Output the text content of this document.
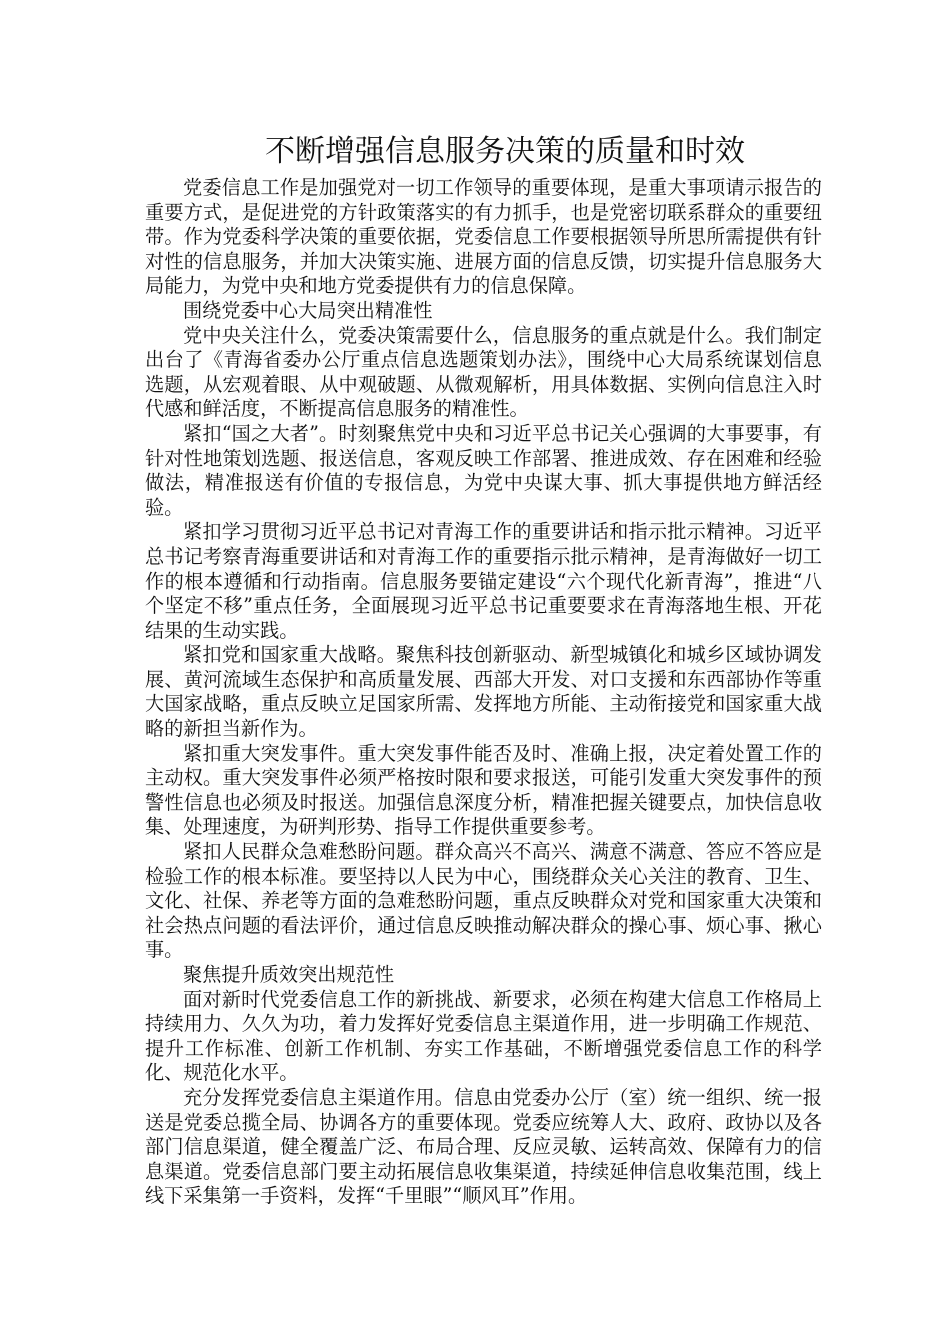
不断增强信息服务决策的质量和时效

党委信息工作是加强党对一切工作领导的重要体现，是重大事项请示报告的重要方式，是促进党的方针政策落实的有力抓手，也是党密切联系群众的重要纽带。作为党委科学决策的重要依据，党委信息工作要根据领导所思所需提供有针对性的信息服务，并加大决策实施、进展方面的信息反馈，切实提升信息服务大局能力，为党中央和地方党委提供有力的信息保障。

围绕党委中心大局突出精准性

党中央关注什么，党委决策需要什么，信息服务的重点就是什么。我们制定出台了《青海省委办公厅重点信息选题策划办法》，围绕中心大局系统谋划信息选题，从宏观着眼、从中观破题、从微观解析，用具体数据、实例向信息注入时代感和鲜活度，不断提高信息服务的精准性。

紧扣“国之大者”。时刻聚焦党中央和习近平总书记关心强调的大事要事，有针对性地策划选题、报送信息，客观反映工作部署、推进成效、存在困难和经验做法，精准报送有价值的专报信息，为党中央谋大事、抓大事提供地方鲜活经验。

紧扣学习贯彻习近平总书记对青海工作的重要讲话和指示批示精神。习近平总书记考察青海重要讲话和对青海工作的重要指示批示精神，是青海做好一切工作的根本遵循和行动指南。信息服务要锚定建设“六个现代化新青海”，推进“八个坚定不移”重点任务，全面展现习近平总书记重要要求在青海落地生根、开花结果的生动实践。

紧扣党和国家重大战略。聚焦科技创新驱动、新型城镇化和城乡区域协调发展、黄河流域生态保护和高质量发展、西部大开发、对口支援和东西部协作等重大国家战略，重点反映立足国家所需、发挥地方所能、主动衔接党和国家重大战略的新担当新作为。

紧扣重大突发事件。重大突发事件能否及时、准确上报，决定着处置工作的主动权。重大突发事件必须严格按时限和要求报送，可能引发重大突发事件的预警性信息也必须及时报送。加强信息深度分析，精准把握关键要点，加快信息收集、处理速度，为研判形势、指导工作提供重要参考。

紧扣人民群众急难愁盼问题。群众高兴不高兴、满意不满意、答应不答应是检验工作的根本标准。要坚持以人民为中心，围绕群众关心关注的教育、卫生、文化、社保、养老等方面的急难愁盼问题，重点反映群众对党和国家重大决策和社会热点问题的看法评价，通过信息反映推动解决群众的操心事、烦心事、揪心事。

聚焦提升质效突出规范性

面对新时代党委信息工作的新挑战、新要求，必须在构建大信息工作格局上持续用力、久久为功，着力发挥好党委信息主渠道作用，进一步明确工作规范、提升工作标准、创新工作机制、夯实工作基础，不断增强党委信息工作的科学化、规范化水平。

充分发挥党委信息主渠道作用。信息由党委办公厅（室）统一组织、统一报送是党委总揽全局、协调各方的重要体现。党委应统筹人大、政府、政协以及各部门信息渠道，健全覆盖广泛、布局合理、反应灵敏、运转高效、保障有力的信息渠道。党委信息部门要主动拓展信息收集渠道，持续延伸信息收集范围，线上线下采集第一手资料，发挥“千里眼”“顺风耳”作用。
